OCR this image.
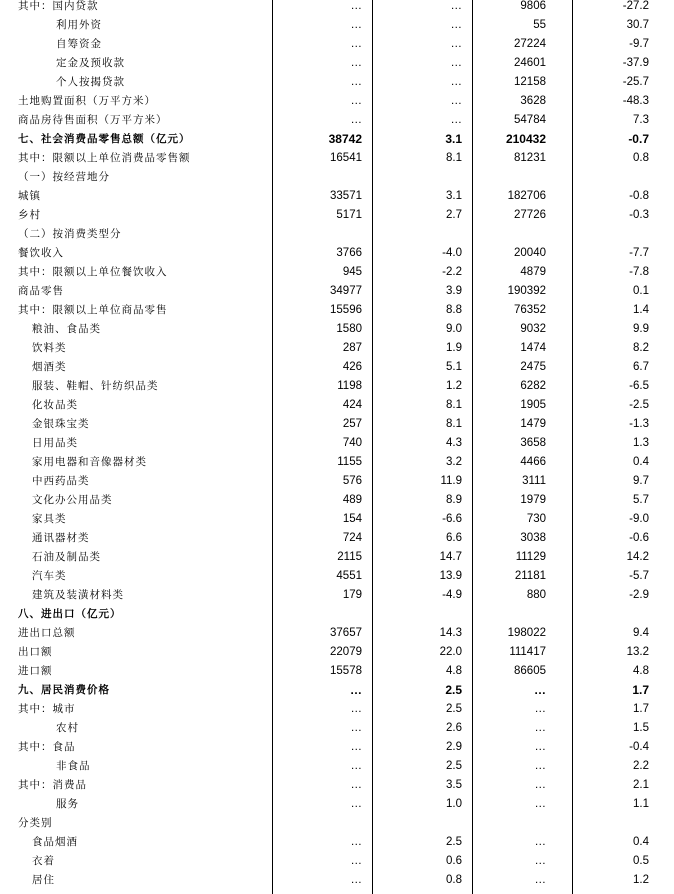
其中：国内贷款	…	…	9806	-27.2
利用外资	…	…	55	30.7
自筹资金	…	…	27224	-9.7
定金及预收款	…	…	24601	-37.9
个人按揭贷款	…	…	12158	-25.7
土地购置面积（万平方米）	…	…	3628	-48.3
商品房待售面积（万平方米）	…	…	54784	7.3
七、社会消费品零售总额（亿元）	38742	3.1	210432	-0.7
其中：限额以上单位消费品零售额	16541	8.1	81231	0.8
（一）按经营地分
城镇	33571	3.1	182706	-0.8
乡村	5171	2.7	27726	-0.3
（二）按消费类型分
餐饮收入	3766	-4.0	20040	-7.7
其中：限额以上单位餐饮收入	945	-2.2	4879	-7.8
商品零售	34977	3.9	190392	0.1
其中：限额以上单位商品零售	15596	8.8	76352	1.4
粮油、食品类	1580	9.0	9032	9.9
饮料类	287	1.9	1474	8.2
烟酒类	426	5.1	2475	6.7
服装、鞋帽、针纺织品类	1198	1.2	6282	-6.5
化妆品类	424	8.1	1905	-2.5
金银珠宝类	257	8.1	1479	-1.3
日用品类	740	4.3	3658	1.3
家用电器和音像器材类	1155	3.2	4466	0.4
中西药品类	576	11.9	3111	9.7
文化办公用品类	489	8.9	1979	5.7
家具类	154	-6.6	730	-9.0
通讯器材类	724	6.6	3038	-0.6
石油及制品类	2115	14.7	11129	14.2
汽车类	4551	13.9	21181	-5.7
建筑及装潢材料类	179	-4.9	880	-2.9
八、进出口（亿元）
进出口总额	37657	14.3	198022	9.4
出口额	22079	22.0	111417	13.2
进口额	15578	4.8	86605	4.8
九、居民消费价格	…	2.5	…	1.7
其中：城市	…	2.5	…	1.7
农村	…	2.6	…	1.5
其中：食品	…	2.9	…	-0.4
非食品	…	2.5	…	2.2
其中：消费品	…	3.5	…	2.1
服务	…	1.0	…	1.1
分类别
食品烟酒	…	2.5	…	0.4
衣着	…	0.6	…	0.5
居住	…	0.8	…	1.2
